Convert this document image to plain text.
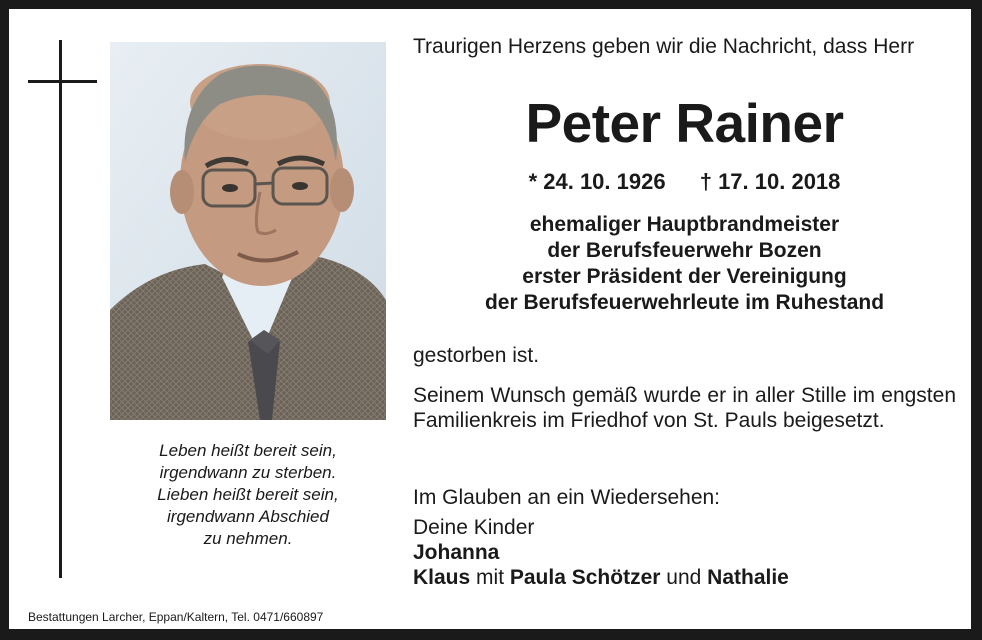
Leben heißt bereit sein,
irgendwann zu sterben.
Lieben heißt bereit sein,
irgendwann Abschied
zu nehmen.
Traurigen Herzens geben wir die Nachricht, dass Herr
Peter Rainer
* 24. 10. 1926 † 17. 10. 2018
ehemaliger Hauptbrandmeister
der Berufsfeuerwehr Bozen
erster Präsident der Vereinigung
der Berufsfeuerwehrleute im Ruhestand
gestorben ist.
Seinem Wunsch gemäß wurde er in aller Stille im engsten Familienkreis im Friedhof von St. Pauls beigesetzt.
Im Glauben an ein Wiedersehen:
Deine Kinder
Johanna
Klaus mit Paula Schötzer und Nathalie
Bestattungen Larcher, Eppan/Kaltern, Tel. 0471/660897
